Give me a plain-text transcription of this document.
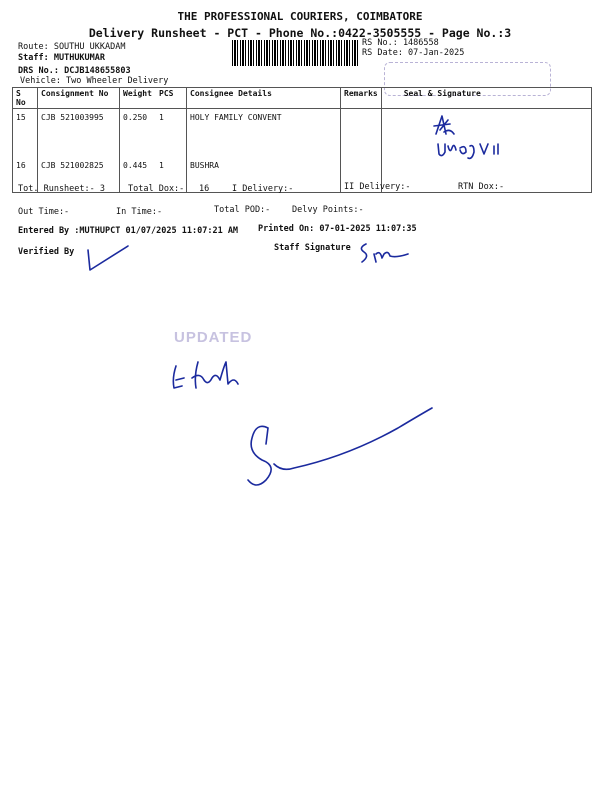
THE PROFESSIONAL COURIERS, COIMBATORE
Delivery Runsheet - PCT - Phone No.:0422-3505555 - Page No.:3
Route: SOUTHU UKKADAM
Staff: MUTHUKUMAR
DRS No.: DCJB148655803
Vehicle: Two Wheeler Delivery
RS No.: 1486558
RS Date: 07-Jan-2025
S No	Consignment No	Weight	PCS	Consignee Details	Remarks	Seal & Signature
15	CJB 521003995	0.250	1	HOLY FAMILY CONVENT		
16	CJB 521002825	0.445	1	BUSHRA		
Tot. Runsheet:- 3	Total Dox:- 16	I Delivery:-	II Delivery:-	RTN Dox:-
Out Time:-	In Time:-	Total POD:-	Delvy Points:-
Entered By :MUTHUPCT 01/07/2025 11:07:21 AM Printed On: 07-01-2025 11:07:35
Verified By	Staff Signature
UPDATED
